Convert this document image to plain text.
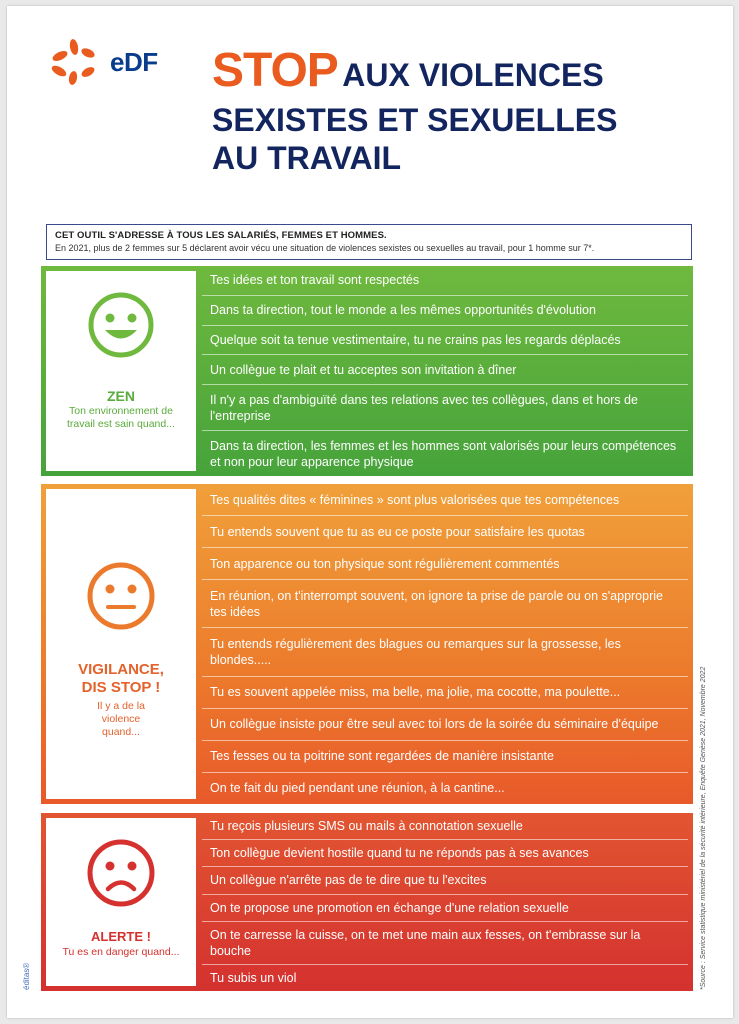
eDF STOP AUX VIOLENCES
SEXISTES ET SEXUELLES
AU TRAVAIL
CET OUTIL S'ADRESSE À TOUS LES SALARIÉS, FEMMES ET HOMMES.
En 2021, plus de 2 femmes sur 5 déclarent avoir vécu une situation de violences sexistes ou sexuelles au travail, pour 1 homme sur 7*.
ZEN
Ton environnement de travail est sain quand...
Tes idées et ton travail sont respectés
Dans ta direction, tout le monde a les mêmes opportunités d'évolution
Quelque soit ta tenue vestimentaire, tu ne crains pas les regards déplacés
Un collègue te plait et tu acceptes son invitation à dîner
Il n'y a pas d'ambiguïté dans tes relations avec tes collègues, dans et hors de l'entreprise
Dans ta direction, les femmes et les hommes sont valorisés pour leurs compétences et non pour leur apparence physique
VIGILANCE,
DIS STOP !
Il y a de la violence quand...
Tes qualités dites « féminines » sont plus valorisées que tes compétences
Tu entends souvent que tu as eu ce poste pour satisfaire les quotas
Ton apparence ou ton physique sont régulièrement commentés
En réunion, on t'interrompt souvent, on ignore ta prise de parole ou on s'approprie tes idées
Tu entends régulièrement des blagues ou remarques sur la grossesse, les blondes.....
Tu es souvent appelée miss, ma belle, ma jolie, ma cocotte, ma poulette...
Un collègue insiste pour être seul avec toi lors de la soirée du séminaire d'équipe
Tes fesses ou ta poitrine sont regardées de manière insistante
On te fait du pied pendant une réunion, à la cantine...
ALERTE !
Tu es en danger quand...
Tu reçois plusieurs SMS ou mails à connotation sexuelle
Ton collègue devient hostile quand tu ne réponds pas à ses avances
Un collègue n'arrête pas de te dire que tu l'excites
On te propose une promotion en échange d'une relation sexuelle
On te carresse la cuisse, on te met une main aux fesses, on t'embrasse sur la bouche
Tu subis un viol	*Source : Service statistique ministériel de la sécurité intérieure, Enquête Genèse 2021, Novembre 2022
éditas®
